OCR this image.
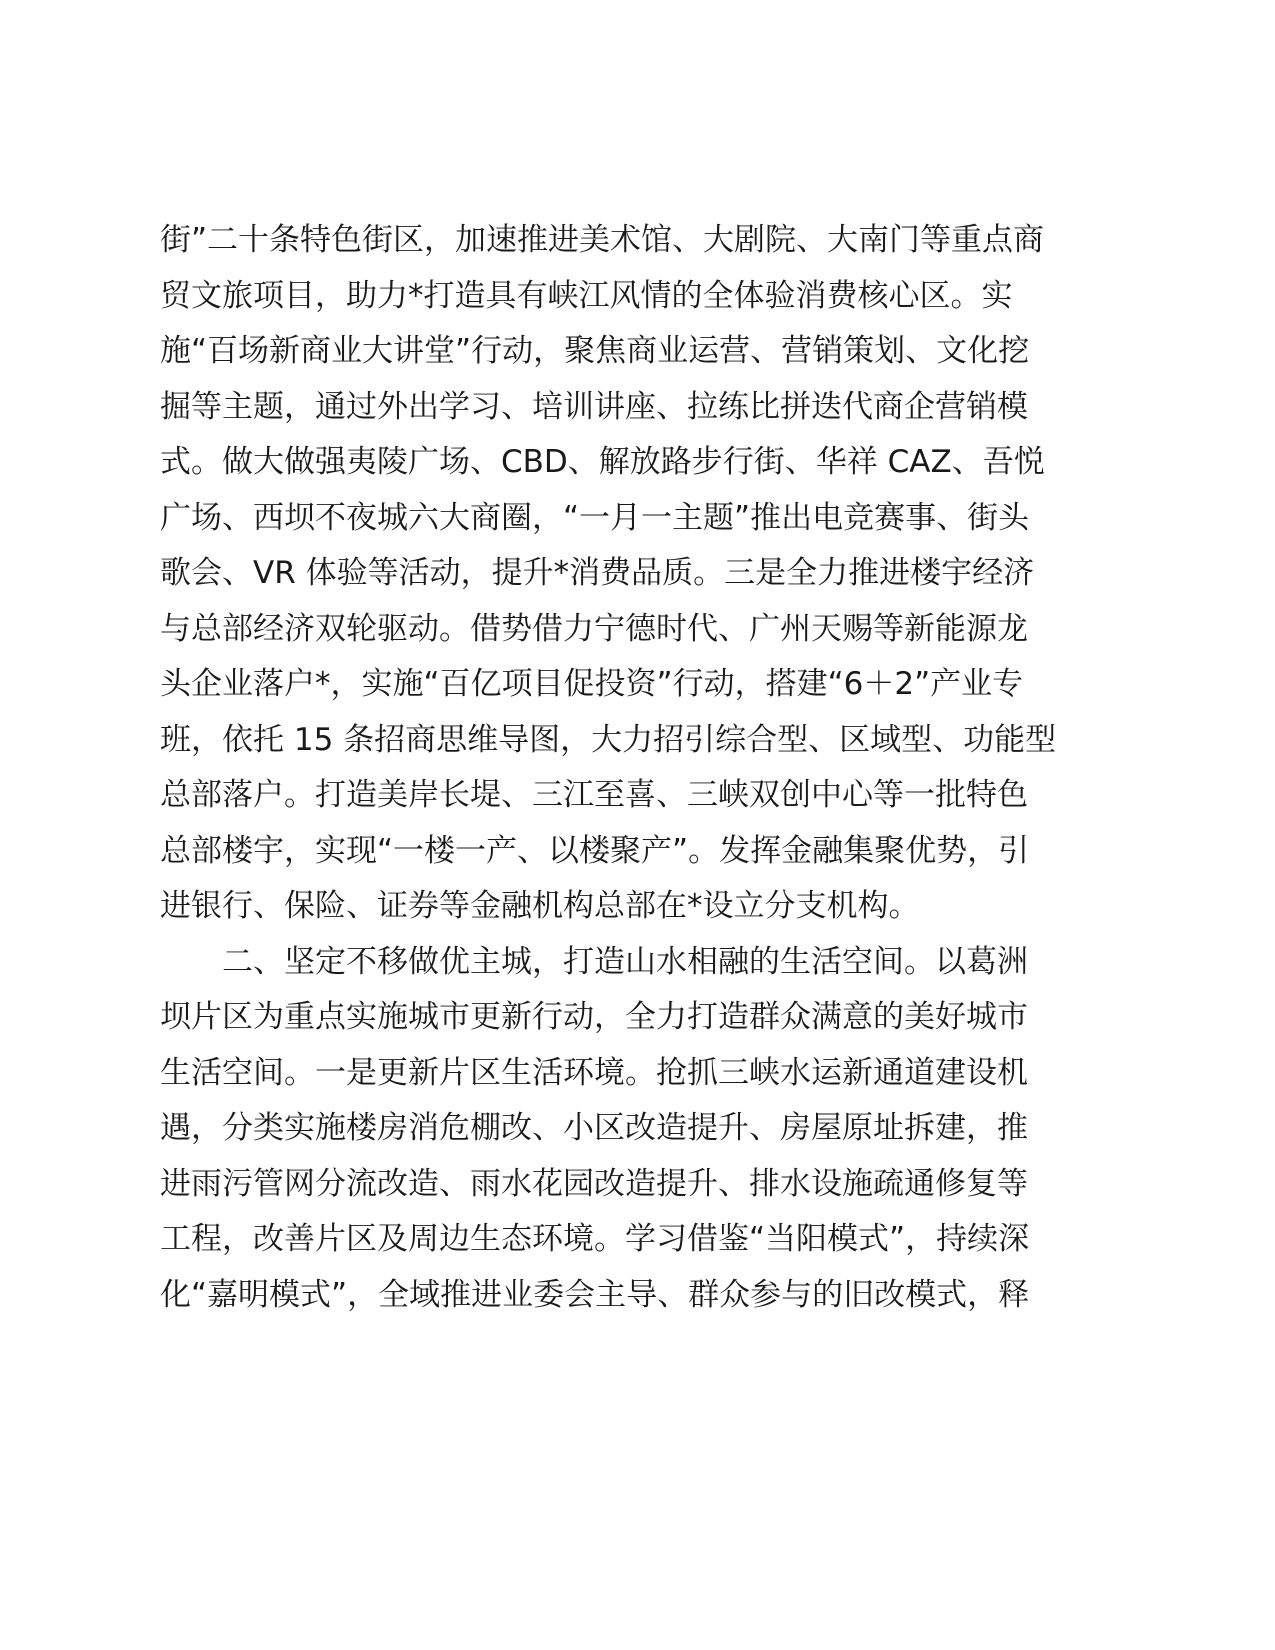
街”二十条特色街区，加速推进美术馆、大剧院、大南门等重点商
贸文旅项目，助力*打造具有峡江风情的全体验消费核心区。实
施“百场新商业大讲堂”行动，聚焦商业运营、营销策划、文化挖
掘等主题，通过外出学习、培训讲座、拉练比拼迭代商企营销模
式。做大做强夷陵广场、CBD、解放路步行街、华祥 CAZ、吾悦
广场、西坝不夜城六大商圈，“一月一主题”推出电竞赛事、街头
歌会、VR 体验等活动，提升*消费品质。三是全力推进楼宇经济
与总部经济双轮驱动。借势借力宁德时代、广州天赐等新能源龙
头企业落户*，实施“百亿项目促投资”行动，搭建“6＋2”产业专
班，依托 15 条招商思维导图，大力招引综合型、区域型、功能型
总部落户。打造美岸长堤、三江至喜、三峡双创中心等一批特色
总部楼宇，实现“一楼一产、以楼聚产”。发挥金融集聚优势，引
进银行、保险、证券等金融机构总部在*设立分支机构。
二、坚定不移做优主城，打造山水相融的生活空间。以葛洲
坝片区为重点实施城市更新行动，全力打造群众满意的美好城市
生活空间。一是更新片区生活环境。抢抓三峡水运新通道建设机
遇，分类实施楼房消危棚改、小区改造提升、房屋原址拆建，推
进雨污管网分流改造、雨水花园改造提升、排水设施疏通修复等
工程，改善片区及周边生态环境。学习借鉴“当阳模式”，持续深
化“嘉明模式”，全域推进业委会主导、群众参与的旧改模式，释
